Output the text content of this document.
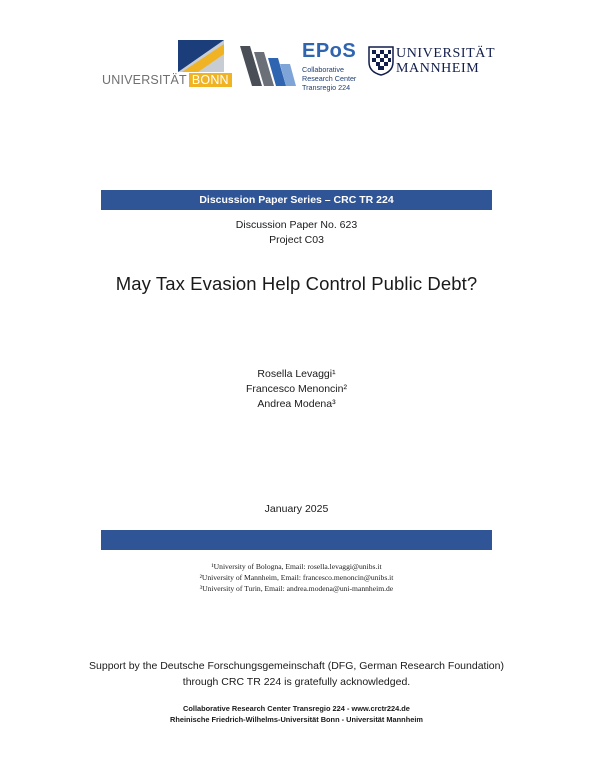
UNIVERSITÄT BONN
EPoS
Collaborative
Research Center
Transregio 224
UNIVERSITÄT
MANNHEIM
Discussion Paper Series – CRC TR 224
Discussion Paper No. 623
Project C03
May Tax Evasion Help Control Public Debt?
Rosella Levaggi¹
Francesco Menoncin²
Andrea Modena³
January 2025
¹University of Bologna, Email: rosella.levaggi@unibs.it
²University of Mannheim, Email: francesco.menoncin@unibs.it
³University of Turin, Email: andrea.modena@uni-mannheim.de
Support by the Deutsche Forschungsgemeinschaft (DFG, German Research Foundation)
through CRC TR 224 is gratefully acknowledged.
Collaborative Research Center Transregio 224 - www.crctr224.de
Rheinische Friedrich-Wilhelms-Universität Bonn - Universität Mannheim
